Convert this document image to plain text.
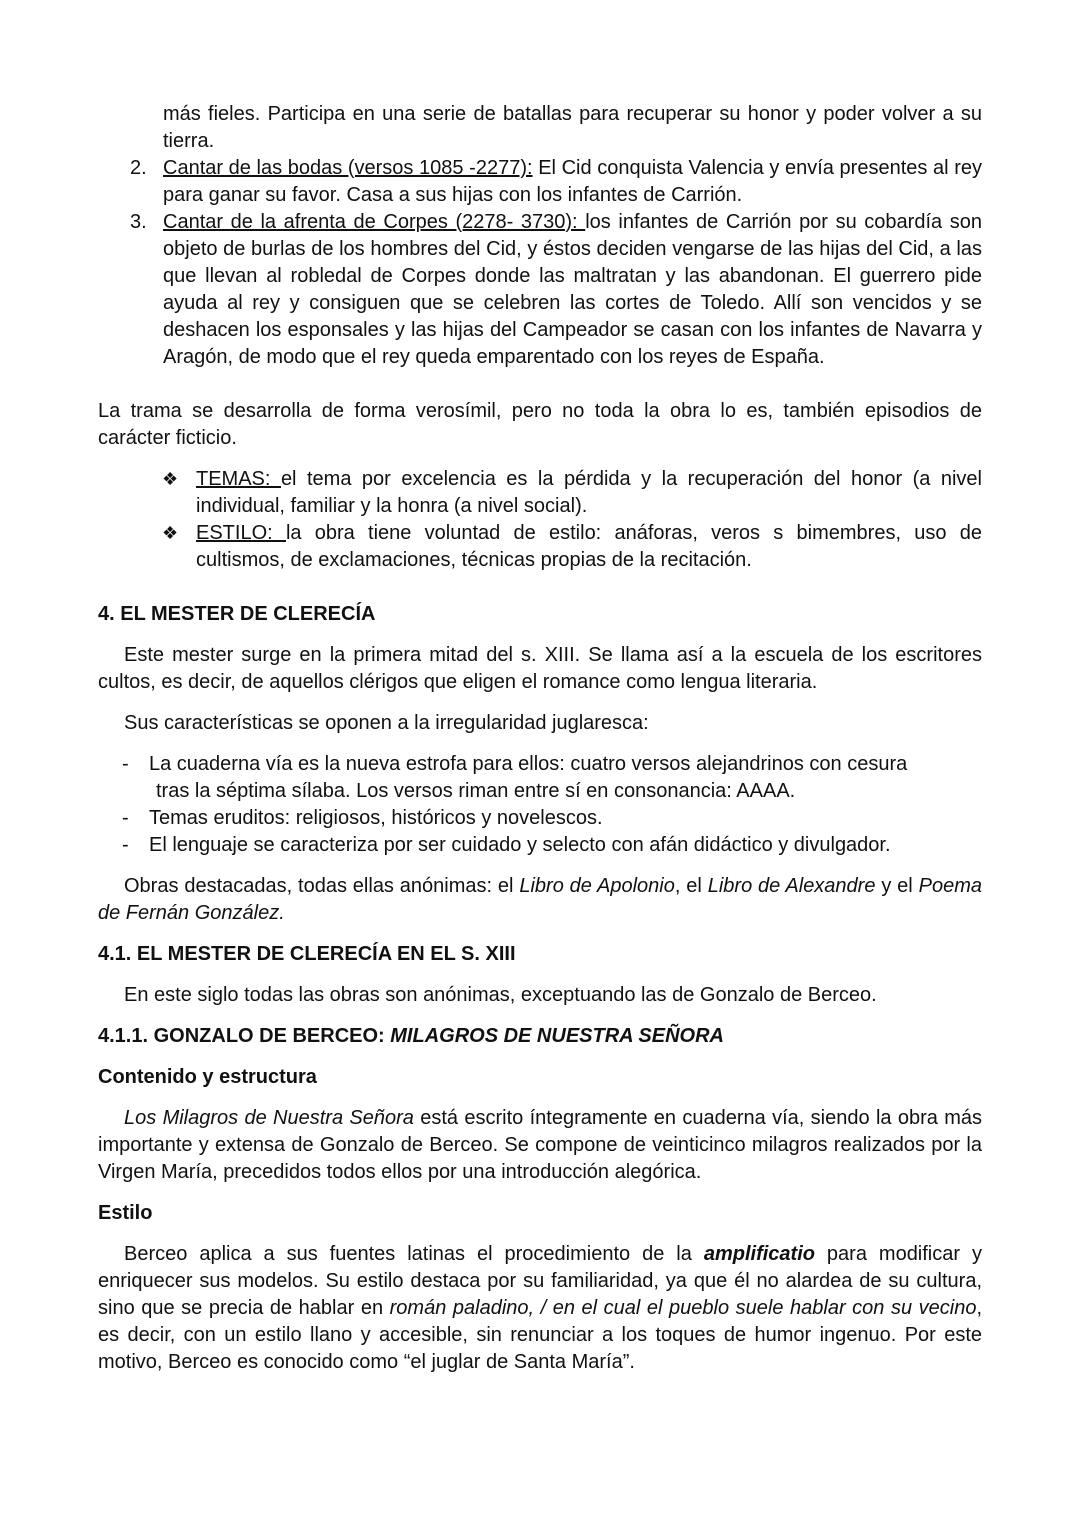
más fieles. Participa en una serie de batallas para recuperar su honor y poder volver a su tierra.
2. Cantar de las bodas (versos 1085 -2277): El Cid conquista Valencia y envía presentes al rey para ganar su favor. Casa a sus hijas con los infantes de Carrión.
3. Cantar de la afrenta de Corpes (2278- 3730): los infantes de Carrión por su cobardía son objeto de burlas de los hombres del Cid, y éstos deciden vengarse de las hijas del Cid, a las que llevan al robledal de Corpes donde las maltratan y las abandonan. El guerrero pide ayuda al rey y consiguen que se celebren las cortes de Toledo. Allí son vencidos y se deshacen los esponsales y las hijas del Campeador se casan con los infantes de Navarra y Aragón, de modo que el rey queda emparentado con los reyes de España.

La trama se desarrolla de forma verosímil, pero no toda la obra lo es, también episodios de carácter ficticio.

❖ TEMAS: el tema por excelencia es la pérdida y la recuperación del honor (a nivel individual, familiar y la honra (a nivel social).
❖ ESTILO: la obra tiene voluntad de estilo: anáforas, veros s bimembres, uso de cultismos, de exclamaciones, técnicas propias de la recitación.

4. EL MESTER DE CLERECÍA

Este mester surge en la primera mitad del s. XIII. Se llama así a la escuela de los escritores cultos, es decir, de aquellos clérigos que eligen el romance como lengua literaria.

Sus características se oponen a la irregularidad juglaresca:

- La cuaderna vía es la nueva estrofa para ellos: cuatro versos alejandrinos con cesura
tras la séptima sílaba. Los versos riman entre sí en consonancia: AAAA.
- Temas eruditos: religiosos, históricos y novelescos.
- El lenguaje se caracteriza por ser cuidado y selecto con afán didáctico y divulgador.

Obras destacadas, todas ellas anónimas: el Libro de Apolonio, el Libro de Alexandre y el Poema de Fernán González.

4.1. EL MESTER DE CLERECÍA EN EL S. XIII

En este siglo todas las obras son anónimas, exceptuando las de Gonzalo de Berceo.

4.1.1. GONZALO DE BERCEO: MILAGROS DE NUESTRA SEÑORA

Contenido y estructura

Los Milagros de Nuestra Señora está escrito íntegramente en cuaderna vía, siendo la obra más importante y extensa de Gonzalo de Berceo. Se compone de veinticinco milagros realizados por la Virgen María, precedidos todos ellos por una introducción alegórica.

Estilo

Berceo aplica a sus fuentes latinas el procedimiento de la amplificatio para modificar y enriquecer sus modelos. Su estilo destaca por su familiaridad, ya que él no alardea de su cultura, sino que se precia de hablar en román paladino, / en el cual el pueblo suele hablar con su vecino, es decir, con un estilo llano y accesible, sin renunciar a los toques de humor ingenuo. Por este motivo, Berceo es conocido como “el juglar de Santa María”.
